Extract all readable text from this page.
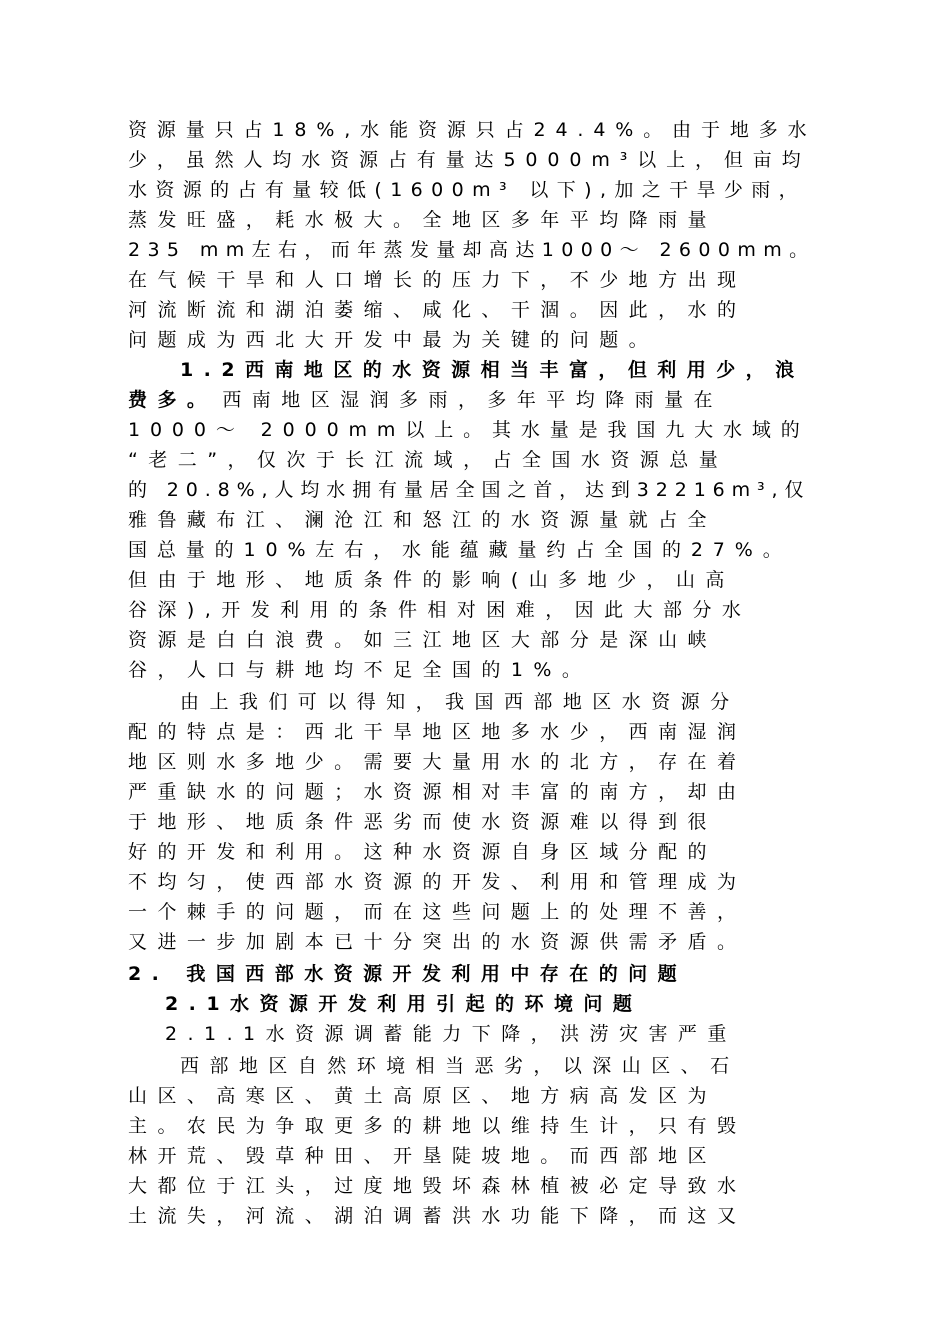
资源量只占18%,水能资源只占24.4%。由于地多水
少，虽然人均水资源占有量达5000m³以上，但亩均
水资源的占有量较低(1600m³ 以下),加之干旱少雨，
蒸发旺盛，耗水极大。全地区多年平均降雨量
235 mm左右，而年蒸发量却高达1000～ 2600mm。
在气候干旱和人口增长的压力下，不少地方出现
河流断流和湖泊萎缩、咸化、干涸。因此，水的
问题成为西北大开发中最为关键的问题。
1.2西南地区的水资源相当丰富，但利用少，浪
费多。 西南地区湿润多雨，多年平均降雨量在
1000～ 2000mm以上。其水量是我国九大水域的
“老二”，仅次于长江流域，占全国水资源总量
的 20.8%,人均水拥有量居全国之首，达到32216m³,仅
雅鲁藏布江、澜沧江和怒江的水资源量就占全
国总量的10%左右，水能蕴藏量约占全国的27%。
但由于地形、地质条件的影响(山多地少，山高
谷深),开发利用的条件相对困难，因此大部分水
资源是白白浪费。如三江地区大部分是深山峡
谷，人口与耕地均不足全国的1%。
由上我们可以得知，我国西部地区水资源分
配的特点是：西北干旱地区地多水少，西南湿润
地区则水多地少。需要大量用水的北方，存在着
严重缺水的问题；水资源相对丰富的南方，却由
于地形、地质条件恶劣而使水资源难以得到很
好的开发和利用。这种水资源自身区域分配的
不均匀，使西部水资源的开发、利用和管理成为
一个棘手的问题，而在这些问题上的处理不善，
又进一步加剧本已十分突出的水资源供需矛盾。
2. 我国西部水资源开发利用中存在的问题
2.1水资源开发利用引起的环境问题
2.1.1水资源调蓄能力下降，洪涝灾害严重
西部地区自然环境相当恶劣，以深山区、石
山区、高寒区、黄土高原区、地方病高发区为
主。农民为争取更多的耕地以维持生计，只有毁
林开荒、毁草种田、开垦陡坡地。而西部地区
大都位于江头，过度地毁坏森林植被必定导致水
土流失，河流、湖泊调蓄洪水功能下降，而这又
